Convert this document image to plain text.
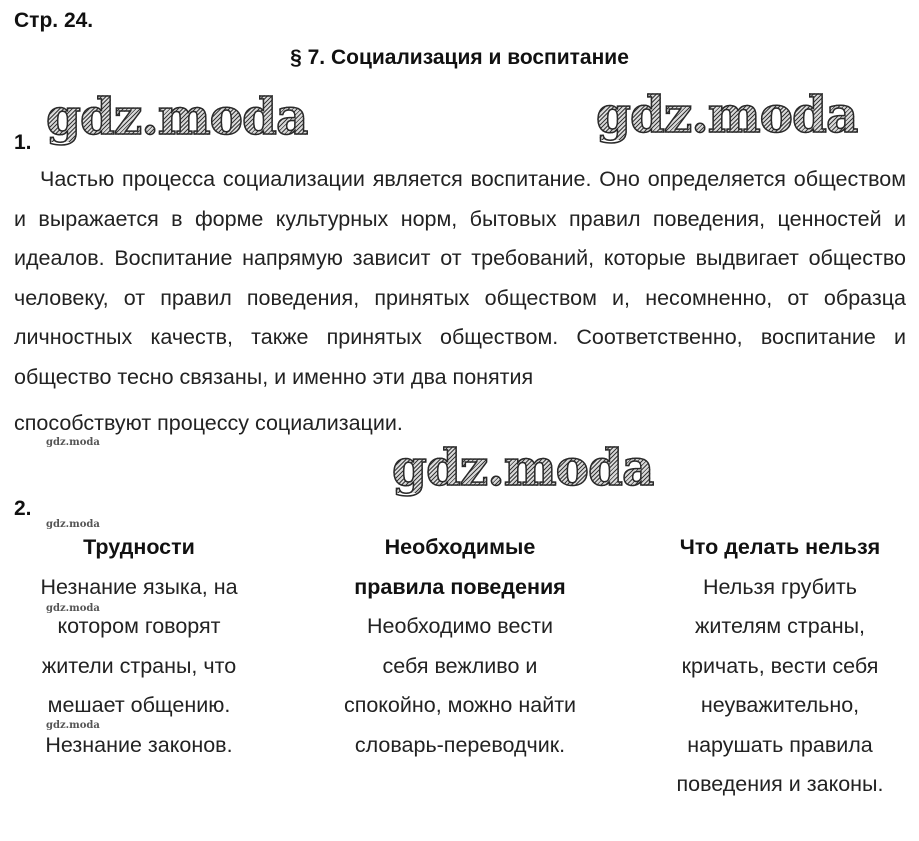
Стр. 24.
§ 7. Социализация и воспитание
gdz.moda	gdz.moda
gdz.moda
gdz.moda
gdz.moda
gdz.moda
gdz.moda
1.
Частью процесса социализации является воспитание. Оно определяется обществом и выражается в форме культурных норм, бытовых правил поведения, ценностей и идеалов. Воспитание напрямую зависит от требований, которые выдвигает общество человеку, от правил поведения, принятых обществом и, несомненно, от образца личностных качеств, также принятых обществом. Соответственно, воспитание и общество тесно связаны, и именно эти два понятия
способствуют процессу социализации.
2.
Трудности
Незнание языка, на
котором говорят
жители страны, что
мешает общению.
Незнание законов.
Необходимые
правила поведения
Необходимо вести
себя вежливо и
спокойно, можно найти
словарь-переводчик.
Что делать нельзя
Нельзя грубить
жителям страны,
кричать, вести себя
неуважительно,
нарушать правила
поведения и законы.
